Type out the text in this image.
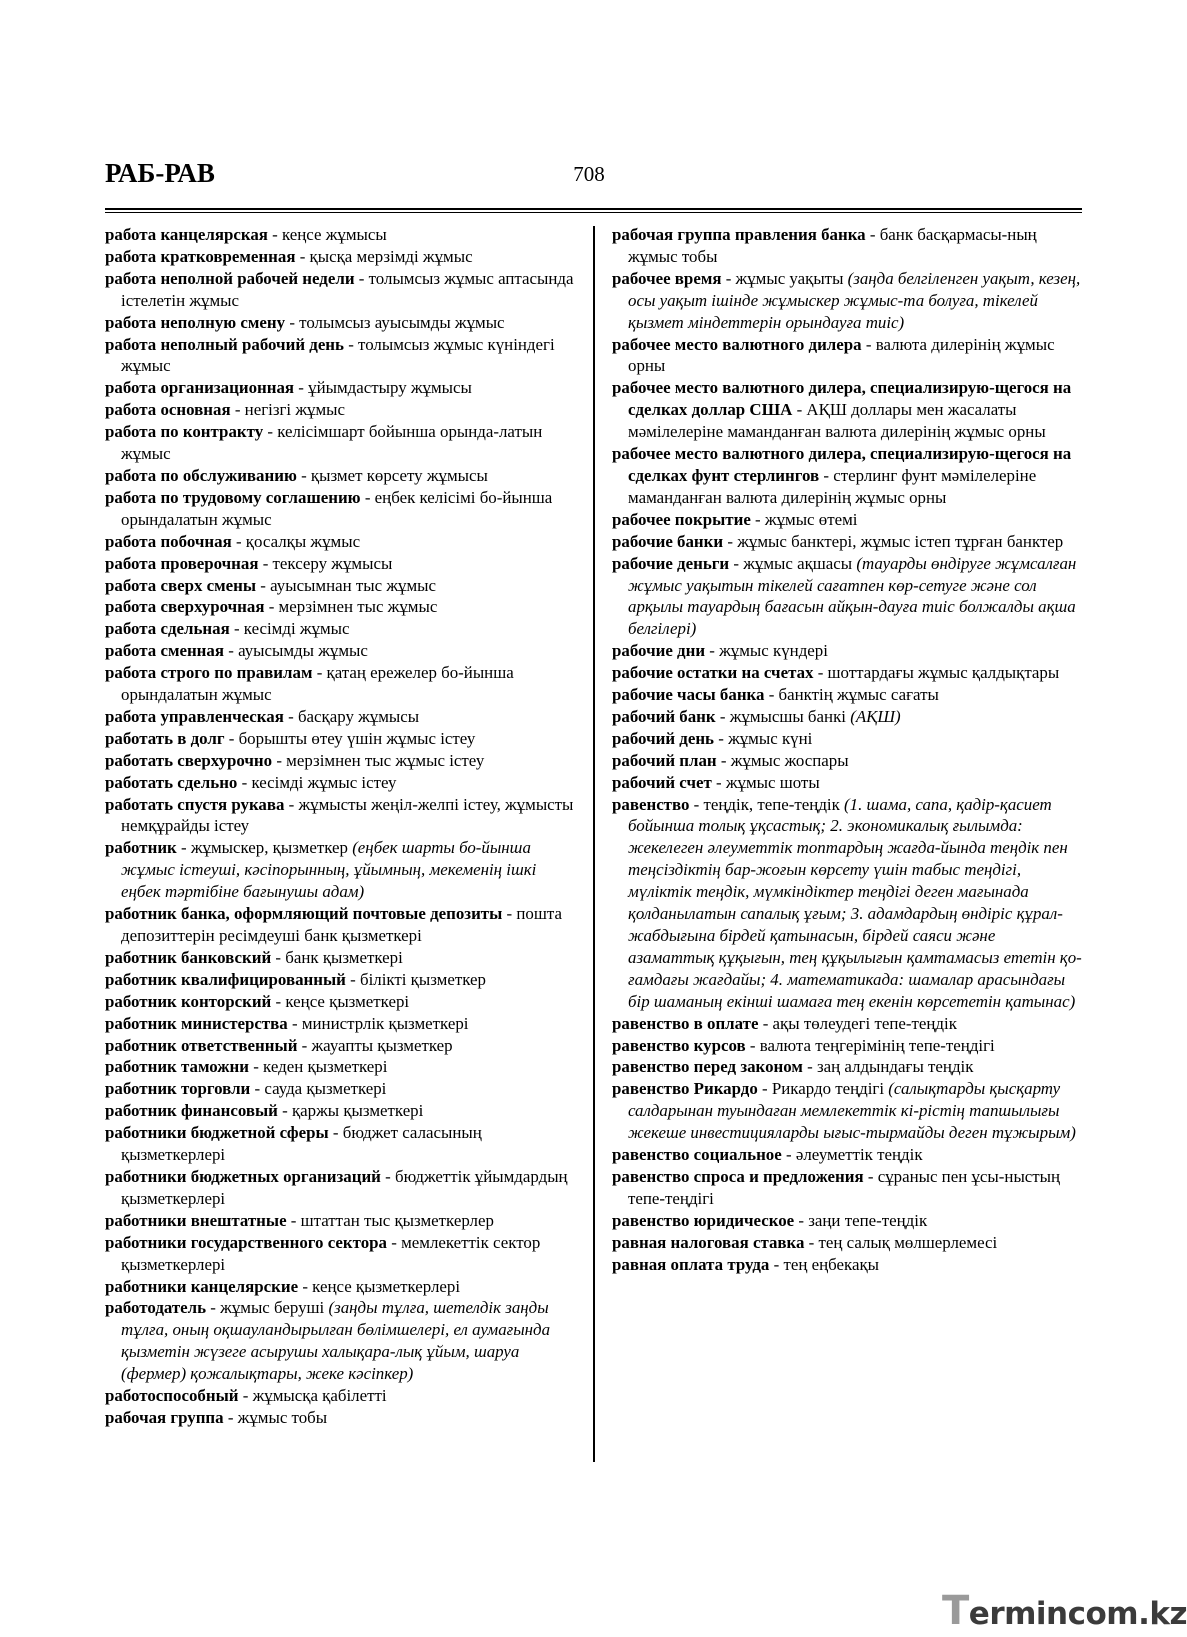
РАБ-РАВ	708

работа канцелярская - кеңсе жұмысы

работа кратковременная - қысқа мерзімді жұмыс

работа неполной рабочей недели - толымсыз жұмыс аптасында істелетін жұмыс

работа неполную смену - толымсыз ауысымды жұмыс

работа неполный рабочий день - толымсыз жұмыс күніндегі жұмыс

работа организационная - ұйымдастыру жұмысы

работа основная - негізгі жұмыс

работа по контракту - келісімшарт бойынша орында-латын жұмыс

работа по обслуживанию - қызмет көрсету жұмысы

работа по трудовому соглашению - еңбек келісімі бо-йынша орындалатын жұмыс

работа побочная - қосалқы жұмыс

работа проверочная - тексеру жұмысы

работа сверх смены - ауысымнан тыс жұмыс

работа сверхурочная - мерзімнен тыс жұмыс

работа сдельная - кесімді жұмыс

работа сменная - ауысымды жұмыс

работа строго по правилам - қатаң ережелер бо-йынша орындалатын жұмыс

работа управленческая - басқару жұмысы

работать в долг - борышты өтеу үшін жұмыс істеу

работать сверхурочно - мерзімнен тыс жұмыс істеу

работать сдельно - кесімді жұмыс істеу

работать спустя рукава - жұмысты жеңіл-желпі істеу, жұмысты немқұрайды істеу

работник - жұмыскер, қызметкер (еңбек шарты бо-йынша жұмыс істеуші, кәсіпорынның, ұйымның, мекеменің ішкі еңбек тәртібіне бағынушы адам)

работник банка, оформляющий почтовые депозиты - пошта депозиттерін ресімдеуші банк қызметкері

работник банковский - банк қызметкері

работник квалифицированный - білікті қызметкер

работник конторский - кеңсе қызметкері

работник министерства - министрлік қызметкері

работник ответственный - жауапты қызметкер

работник таможни - кеден қызметкері

работник торговли - сауда қызметкері

работник финансовый - қаржы қызметкері

работники бюджетной сферы - бюджет саласының қызметкерлері

работники бюджетных организаций - бюджеттік ұйымдардың қызметкерлері

работники внештатные - штаттан тыс қызметкерлер

работники государственного сектора - мемлекеттік сектор қызметкерлері

работники канцелярские - кеңсе қызметкерлері

работодатель - жұмыс беруші (заңды тұлға, шетелдік заңды тұлға, оның оқшауландырылған бөлімшелері, ел аумағында қызметін жүзеге асырушы халықара-лық ұйым, шаруа (фермер) қожалықтары, жеке кәсіпкер)

работоспособный - жұмысқа қабілетті

рабочая группа - жұмыс тобы

рабочая группа правления банка - банк басқармасы-ның жұмыс тобы

рабочее время - жұмыс уақыты (заңда белгіленген уақыт, кезең, осы уақыт ішінде жұмыскер жұмыс-та болуға, тікелей қызмет міндеттерін орындауға тиіс)

рабочее место валютного дилера - валюта дилерінің жұмыс орны

рабочее место валютного дилера, специализирую-щегося на сделках доллар США - АҚШ доллары мен жасалаты мәмілелеріне маманданған валюта дилерінің жұмыс орны

рабочее место валютного дилера, специализирую-щегося на сделках фунт стерлингов - стерлинг фунт мәмілелеріне маманданған валюта дилерінің жұмыс орны

рабочее покрытие - жұмыс өтемі

рабочие банки - жұмыс банктері, жұмыс істеп тұрған банктер

рабочие деньги - жұмыс ақшасы (тауарды өндіруге жұмсалған жұмыс уақытын тікелей сағатпен көр-сетуге және сол арқылы тауардың бағасын айқын-дауға тиіс болжалды ақша белгілері)

рабочие дни - жұмыс күндері

рабочие остатки на счетах - шоттардағы жұмыс қалдықтары

рабочие часы банка - банктің жұмыс сағаты

рабочий банк - жұмысшы банкі (АҚШ)

рабочий день - жұмыс күні

рабочий план - жұмыс жоспары

рабочий счет - жұмыс шоты

равенство - теңдік, тепе-теңдік (1. шама, сапа, қадір-қасиет бойынша толық ұқсастық; 2. экономикалық ғылымда: жекелеген әлеуметтік топтардың жағда-йында теңдік пен теңсіздіктің бар-жоғын көрсету үшін табыс теңдігі, мүліктік теңдік, мүмкіндіктер теңдігі деген мағынада қолданылатын сапалық ұғым; 3. адамдардың өндіріс құрал-жабдығына бірдей қатынасын, бірдей саяси және азаматтық құқығын, тең құқылығын қамтамасыз ететін қо-ғамдағы жағдайы; 4. математикада: шамалар арасындағы бір шаманың екінші шамаға тең екенін көрсететін қатынас)

равенство в оплате - ақы төлеудегі тепе-теңдік

равенство курсов - валюта теңгерімінің тепе-теңдігі

равенство перед законом - заң алдындағы теңдік

равенство Рикардо - Рикардо теңдігі (салықтарды қысқарту салдарынан туындаған мемлекеттік кі-рістің тапшылығы жекеше инвестицияларды ығыс-тырмайды деген тұжырым)

равенство социальное - әлеуметтік теңдік

равенство спроса и предложения - сұраныс пен ұсы-ныстың тепе-теңдігі

равенство юридическое - заңи тепе-теңдік

равная налоговая ставка - тең салық мөлшерлемесі

равная оплата труда - тең еңбекақы

Termincom.kz
